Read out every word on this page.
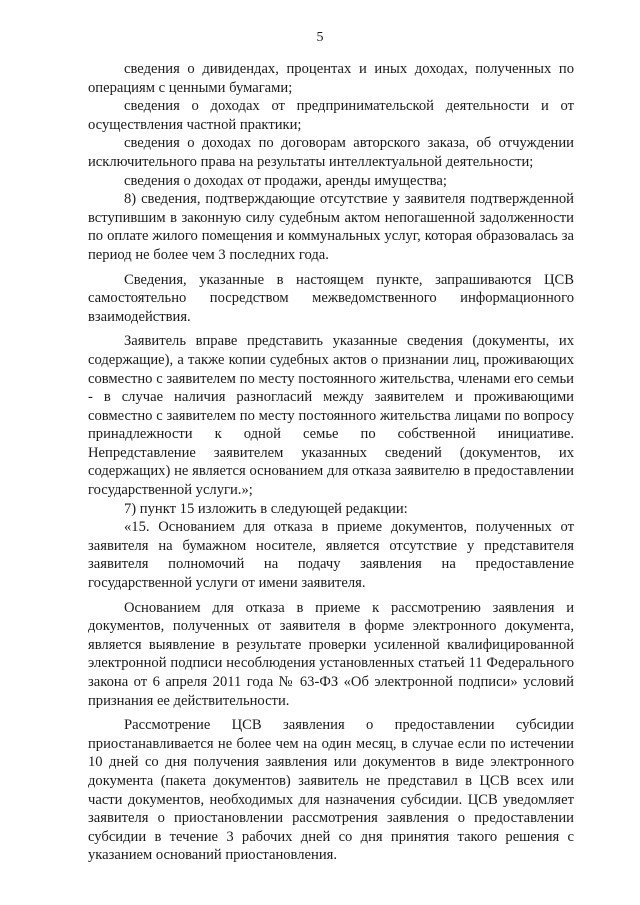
5

сведения о дивидендах, процентах и иных доходах, полученных по операциям с ценными бумагами;

сведения о доходах от предпринимательской деятельности и от осуществления частной практики;

сведения о доходах по договорам авторского заказа, об отчуждении исключительного права на результаты интеллектуальной деятельности;

сведения о доходах от продажи, аренды имущества;

8) сведения, подтверждающие отсутствие у заявителя подтвержденной вступившим в законную силу судебным актом непогашенной задолженности по оплате жилого помещения и коммунальных услуг, которая образовалась за период не более чем 3 последних года.

Сведения, указанные в настоящем пункте, запрашиваются ЦСВ самостоятельно посредством межведомственного информационного взаимодействия.

Заявитель вправе представить указанные сведения (документы, их содержащие), а также копии судебных актов о признании лиц, проживающих совместно с заявителем по месту постоянного жительства, членами его семьи - в случае наличия разногласий между заявителем и проживающими совместно с заявителем по месту постоянного жительства лицами по вопросу принадлежности к одной семье по собственной инициативе. Непредставление заявителем указанных сведений (документов, их содержащих) не является основанием для отказа заявителю в предоставлении государственной услуги.»;

7) пункт 15 изложить в следующей редакции:

«15. Основанием для отказа в приеме документов, полученных от заявителя на бумажном носителе, является отсутствие у представителя заявителя полномочий на подачу заявления на предоставление государственной услуги от имени заявителя.

Основанием для отказа в приеме к рассмотрению заявления и документов, полученных от заявителя в форме электронного документа, является выявление в результате проверки усиленной квалифицированной электронной подписи несоблюдения установленных статьей 11 Федерального закона от 6 апреля 2011 года № 63-ФЗ «Об электронной подписи» условий признания ее действительности.

Рассмотрение ЦСВ заявления о предоставлении субсидии приостанавливается не более чем на один месяц, в случае если по истечении 10 дней со дня получения заявления или документов в виде электронного документа (пакета документов) заявитель не представил в ЦСВ всех или части документов, необходимых для назначения субсидии. ЦСВ уведомляет заявителя о приостановлении рассмотрения заявления о предоставлении субсидии в течение 3 рабочих дней со дня принятия такого решения с указанием оснований приостановления.
